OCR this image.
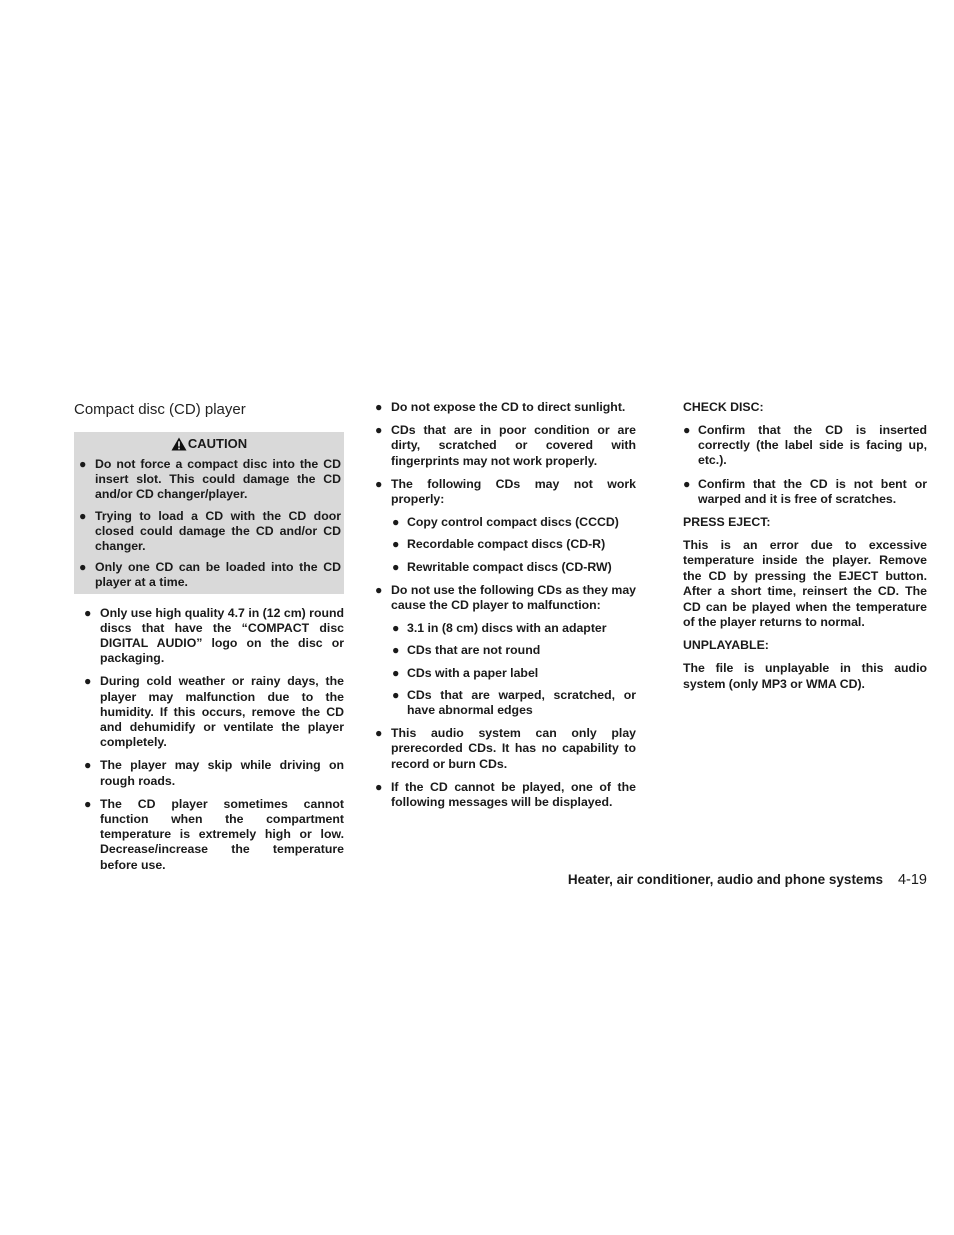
Compact disc (CD) player
CAUTION
● Do not force a compact disc into the CD insert slot. This could damage the CD and/or CD changer/player.
● Trying to load a CD with the CD door closed could damage the CD and/or CD changer.
● Only one CD can be loaded into the CD player at a time.
● Only use high quality 4.7 in (12 cm) round discs that have the “COMPACT disc DIGITAL AUDIO” logo on the disc or packaging.
● During cold weather or rainy days, the player may malfunction due to the humidity. If this occurs, remove the CD and dehumidify or ventilate the player completely.
● The player may skip while driving on rough roads.
● The CD player sometimes cannot function when the compartment temperature is extremely high or low. Decrease/increase the temperature before use.
● Do not expose the CD to direct sunlight.
● CDs that are in poor condition or are dirty, scratched or covered with fingerprints may not work properly.
● The following CDs may not work properly:
● Copy control compact discs (CCCD)
● Recordable compact discs (CD-R)
● Rewritable compact discs (CD-RW)
● Do not use the following CDs as they may cause the CD player to malfunction:
● 3.1 in (8 cm) discs with an adapter
● CDs that are not round
● CDs with a paper label
● CDs that are warped, scratched, or have abnormal edges
● This audio system can only play prerecorded CDs. It has no capability to record or burn CDs.
● If the CD cannot be played, one of the following messages will be displayed.
CHECK DISC:
● Confirm that the CD is inserted correctly (the label side is facing up, etc.).
● Confirm that the CD is not bent or warped and it is free of scratches.
PRESS EJECT:

This is an error due to excessive temperature inside the player. Remove the CD by pressing the EJECT button. After a short time, reinsert the CD. The CD can be played when the temperature of the player returns to normal.

UNPLAYABLE:

The file is unplayable in this audio system (only MP3 or WMA CD).

Heater, air conditioner, audio and phone systems 4-19
